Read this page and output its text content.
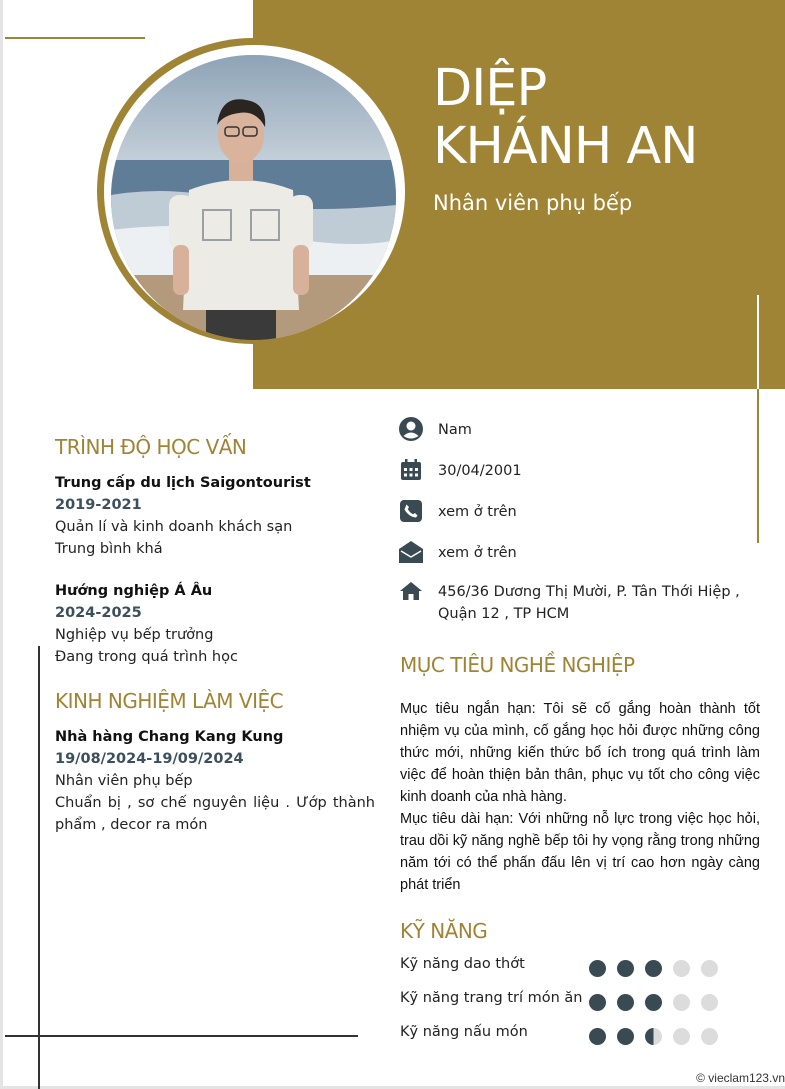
DIỆP
KHÁNH AN
Nhân viên phụ bếp
TRÌNH ĐỘ HỌC VẤN
Trung cấp du lịch Saigontourist
2019-2021
Quản lí và kinh doanh khách sạn
Trung bình khá
Hướng nghiệp Á Âu
2024-2025
Nghiệp vụ bếp trưởng
Đang trong quá trình học
KINH NGHIỆM LÀM VIỆC
Nhà hàng Chang Kang Kung
19/08/2024-19/09/2024
Nhân viên phụ bếp
Chuẩn bị , sơ chế nguyên liệu . Ướp thành phẩm , decor ra món
Nam
30/04/2001
xem ở trên
xem ở trên
456/36 Dương Thị Mười, P. Tân Thới Hiệp ,
Quận 12 , TP HCM
MỤC TIÊU NGHỀ NGHIỆP
Mục tiêu ngắn hạn: Tôi sẽ cố gắng hoàn thành tốt nhiệm vụ của mình, cố gắng học hỏi được những công thức mới, những kiến thức bổ ích trong quá trình làm việc để hoàn thiện bản thân, phục vụ tốt cho công việc kinh doanh của nhà hàng.
Mục tiêu dài hạn: Với những nỗ lực trong việc học hỏi, trau dồi kỹ năng nghề bếp tôi hy vọng rằng trong những năm tới có thể phấn đấu lên vị trí cao hơn ngày càng phát triển
KỸ NĂNG
Kỹ năng dao thớt
Kỹ năng trang trí món ăn
Kỹ năng nấu món
© vieclam123.vn
